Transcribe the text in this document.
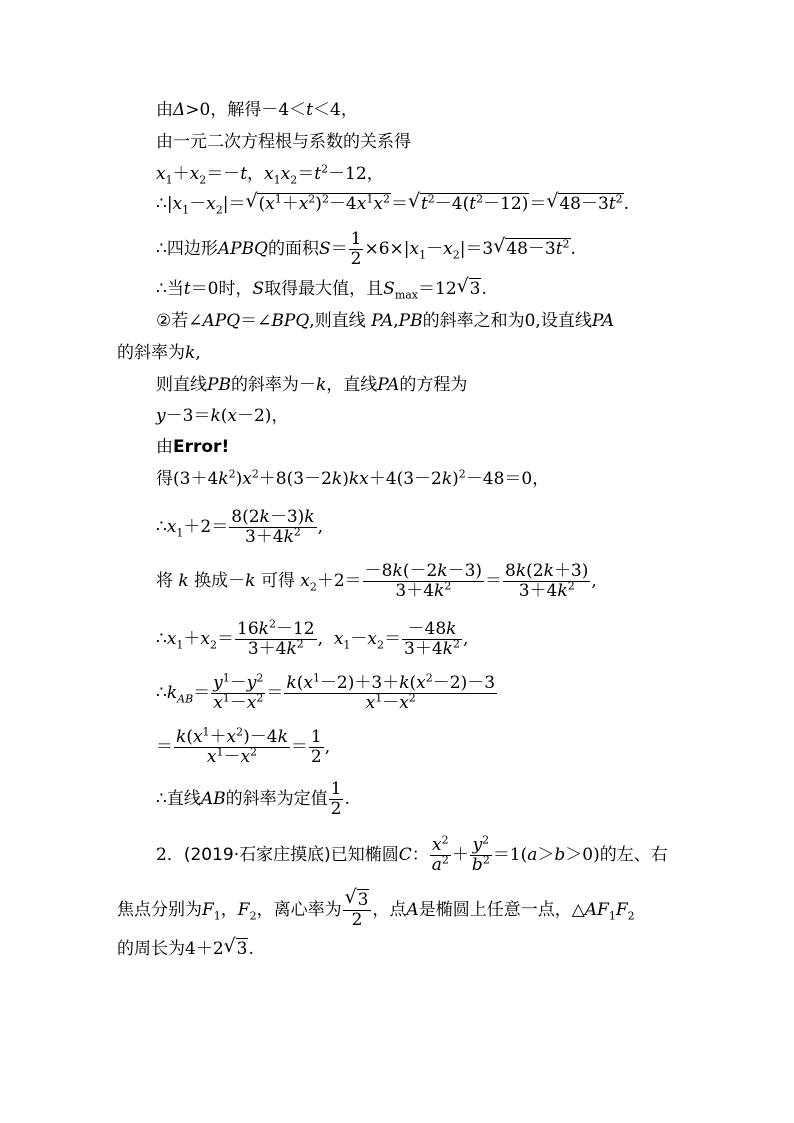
由Δ>0，解得－4＜t＜4，
由一元二次方程根与系数的关系得
$x_1+x_2=-t$，$x_1x_2=t^2-12$，
$\therefore|x_1-x_2|=√$ $(x^1+x^2)^2-4x^1x^2=√$ $t^2-4(t^2-12)=√$ $48-3t^2$.
∴四边形APBQ的面积$S= \frac{1}{2} \times 6\times|x_1-x_2|=3√$ $48-3t^2$.
∴当t＝0时，S取得最大值，且$S_{max}=12√$ 3.
②若∠APQ＝∠BPQ,则直线 PA,PB的斜率之和为0,设直线PA
的斜率为k,
则直线PB的斜率为－k，直线PA的方程为
y－3＝k(x－2)，
由Error!
得$(3+4k^2)x^2+8(3-2k)kx+4(3-2k)^2-48=0$，
$\therefore x_1+2= \frac{8(2k-3)k}{3+4k^2}$ ,
将 k 换成－k 可得 $x_2+2= \frac{-8k(-2k-3)}{3+4k^2} = \frac{8k(2k+3)}{3+4k^2}$ ,
$\therefore x_1+x_2= \frac{16k^2-12}{3+4k^2}$ ,  $x_1-x_2= \frac{-48k}{3+4k^2}$ ,
$\therefore k_{AB}= \frac{y^1-y^2}{x^1-x^2} = \frac{k(x^1-2)+3+k(x^2-2)-3}{x^1-x^2}$
＝ $\frac{k(x^1+x^2)-4k}{x^1-x^2} = \frac{1}{2}$ ,
∴直线AB的斜率为定值 $\frac{1}{2}$ .
2．(2019·石家庄摸底)已知椭圆C： $\frac{x^2}{a^2} + \frac{y^2}{b^2} =1(a>b>0)$的左、右
焦点分别为$F_1$，$F_2$，离心率为
√ $\frac{3}{2}$ ，点A是椭圆上任意一点，$\triangle AF_1F_2$
的周长为4＋2√ 3.
